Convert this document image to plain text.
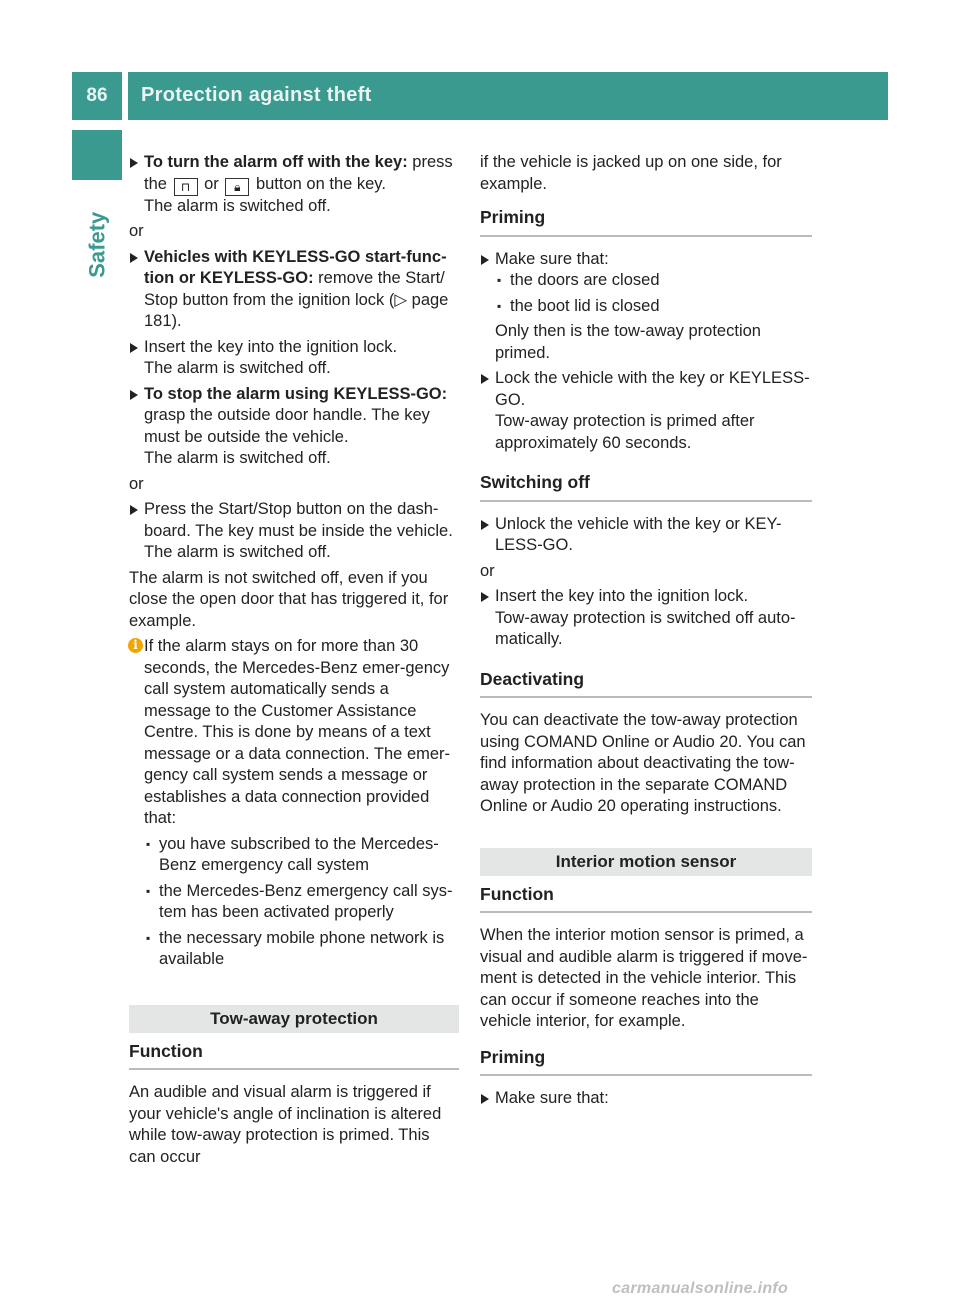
86	Protection against theft
Safety

To turn the alarm off with the key: press

the ⊓ or 🔒︎ button on the key.

The alarm is switched off.

or

Vehicles with KEYLESS-GO start-func-tion or KEYLESS-GO: remove the Start/ Stop button from the ignition lock (▷ page 181).

Insert the key into the ignition lock.

The alarm is switched off.

To stop the alarm using KEYLESS-GO:

grasp the outside door handle. The key must be outside the vehicle.

The alarm is switched off.

or

Press the Start/Stop button on the dash-board. The key must be inside the vehicle.

The alarm is switched off.

The alarm is not switched off, even if you close the open door that has triggered it, for example.

i If the alarm stays on for more than 30 seconds, the Mercedes-Benz emer-gency call system automatically sends a message to the Customer Assistance Centre. This is done by means of a text message or a data connection. The emer-gency call system sends a message or establishes a data connection provided that:

▪ you have subscribed to the Mercedes-Benz emergency call system
▪ the Mercedes-Benz emergency call sys-tem has been activated properly
▪ the necessary mobile phone network is available
Tow-away protection
Function

An audible and visual alarm is triggered if your vehicle's angle of inclination is altered while tow-away protection is primed. This can occur

if the vehicle is jacked up on one side, for example.

Priming

Make sure that:

▪ the doors are closed
▪ the boot lid is closed

Only then is the tow-away protection primed.

Lock the vehicle with the key or KEYLESS-GO.

Tow-away protection is primed after approximately 60 seconds.

Switching off

Unlock the vehicle with the key or KEY-LESS-GO.

or

Insert the key into the ignition lock.

Tow-away protection is switched off auto-matically.

Deactivating

You can deactivate the tow-away protection using COMAND Online or Audio 20. You can find information about deactivating the tow-away protection in the separate COMAND Online or Audio 20 operating instructions.

Interior motion sensor
Function

When the interior motion sensor is primed, a visual and audible alarm is triggered if move-ment is detected in the vehicle interior. This can occur if someone reaches into the vehicle interior, for example.

Priming

Make sure that:

carmanualsonline.info
